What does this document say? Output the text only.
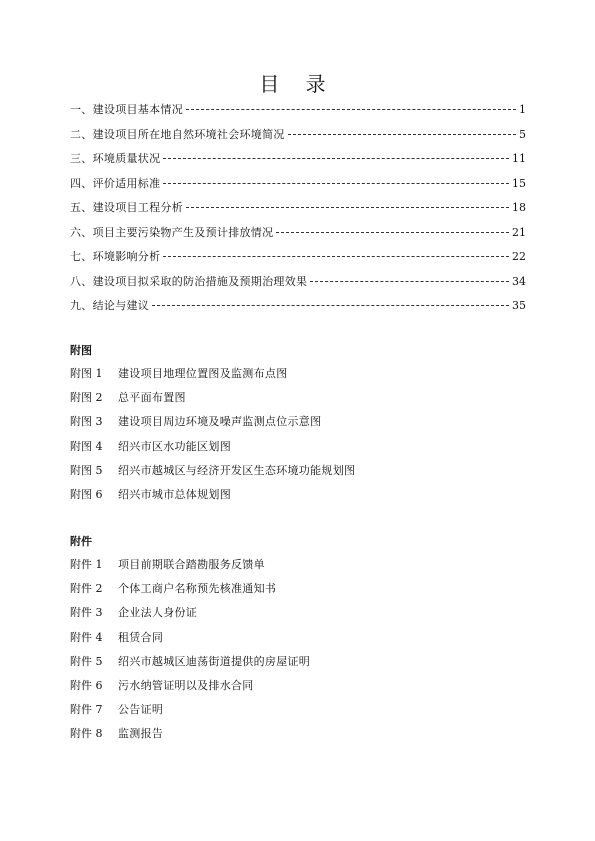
目 录
一、建设项目基本情况	1
二、建设项目所在地自然环境社会环境简况	5
三、环境质量状况	11
四、评价适用标准	15
五、建设项目工程分析	18
六、项目主要污染物产生及预计排放情况	21
七、环境影响分析	22
八、建设项目拟采取的防治措施及预期治理效果	34
九、结论与建议	35
附图
附图 1	建设项目地理位置图及监测布点图
附图 2	总平面布置图
附图 3	建设项目周边环境及噪声监测点位示意图
附图 4	绍兴市区水功能区划图
附图 5	绍兴市越城区与经济开发区生态环境功能规划图
附图 6	绍兴市城市总体规划图
附件
附件 1	项目前期联合踏勘服务反馈单
附件 2	个体工商户名称预先核准通知书
附件 3	企业法人身份证
附件 4	租赁合同
附件 5	绍兴市越城区迪荡街道提供的房屋证明
附件 6	污水纳管证明以及排水合同
附件 7	公告证明
附件 8	监测报告
